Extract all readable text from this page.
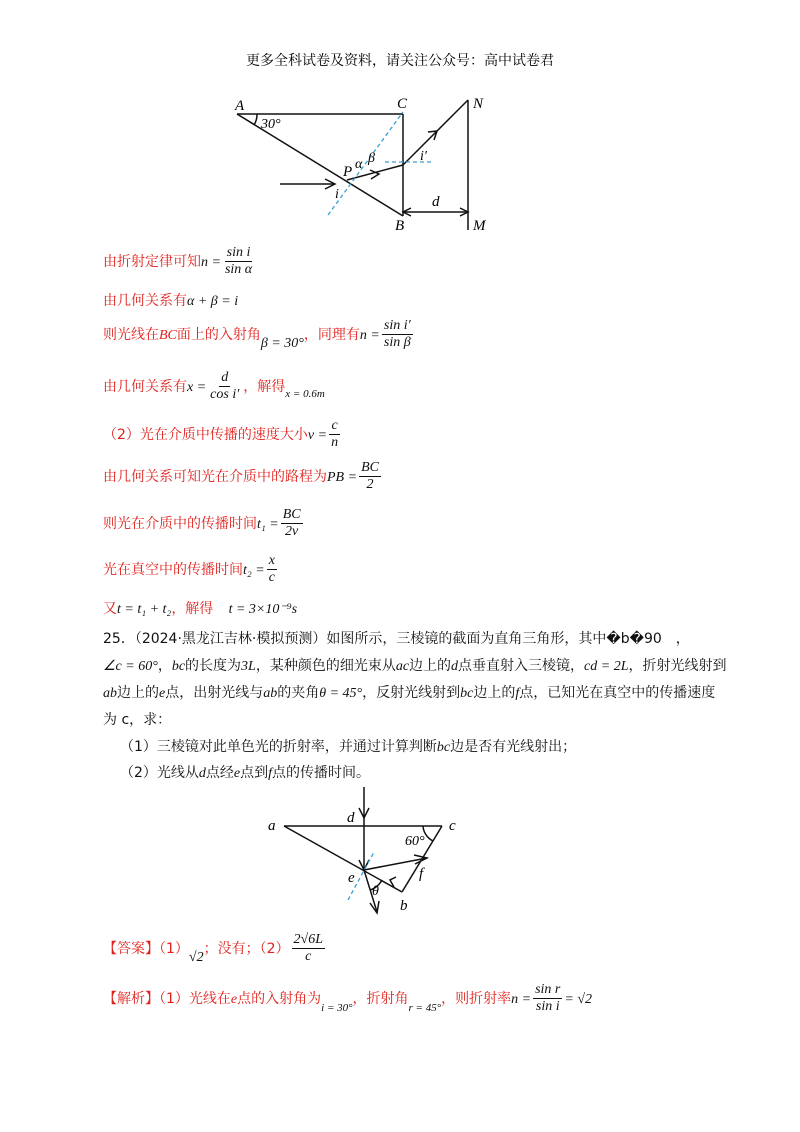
更多全科试卷及资料，请关注公众号：高中试卷君
A	C	N
P
B	M
d
i
i′
α β
30°
由折射定律可知$n = \frac{\text{sin i}}{\text{sin α}}$
由几何关系有α + β = i
则光线在BC面上的入射角β = 30°，同理有$n = \frac{\text{sin i′}}{\text{sin β}}$
由几何关系有$x = \frac{d}{\text{cos i′}}$ ，解得$_{x = 0.6m}$
（2）光在介质中传播的速度大小$v = \frac{c}{n}$
由几何关系可知光在介质中的路程为PB = $\frac{BC}{2}$
则光在介质中的传播时间$t_1 = \frac{BC}{2v}$
光在真空中的传播时间$t_2 = \frac{x}{c}$
又t = t₁ + t₂，解得 t = 3×10⁻⁹s
25．（2024·黑龙江吉林·模拟预测）如图所示，三棱镜的截面为直角三角形，其中�b�90　，
∠c = 60°，bc的长度为3L，某种颜色的细光束从ac边上的d点垂直射入三棱镜，cd = 2L，折射光线射到
ab边上的e点，出射光线与ab的夹角θ = 45°，反射光线射到bc边上的f点，已知光在真空中的传播速度
为 c，求：
（1）三棱镜对此单色光的折射率，并通过计算判断bc边是否有光线射出；
（2）光线从d点经e点到f点的传播时间。
a	d	c
e	f
b
θ
60°
【答案】（1）√2；没有；$(2) \frac{2√6L}{c}$
【解析】（1）光线在e点的入射角为$_{i = 30^\circ}$，折射角$_{r = 45^\circ}$，则折射率$n = \frac{\text{sin r}}{\text{sin i}} = √2$
